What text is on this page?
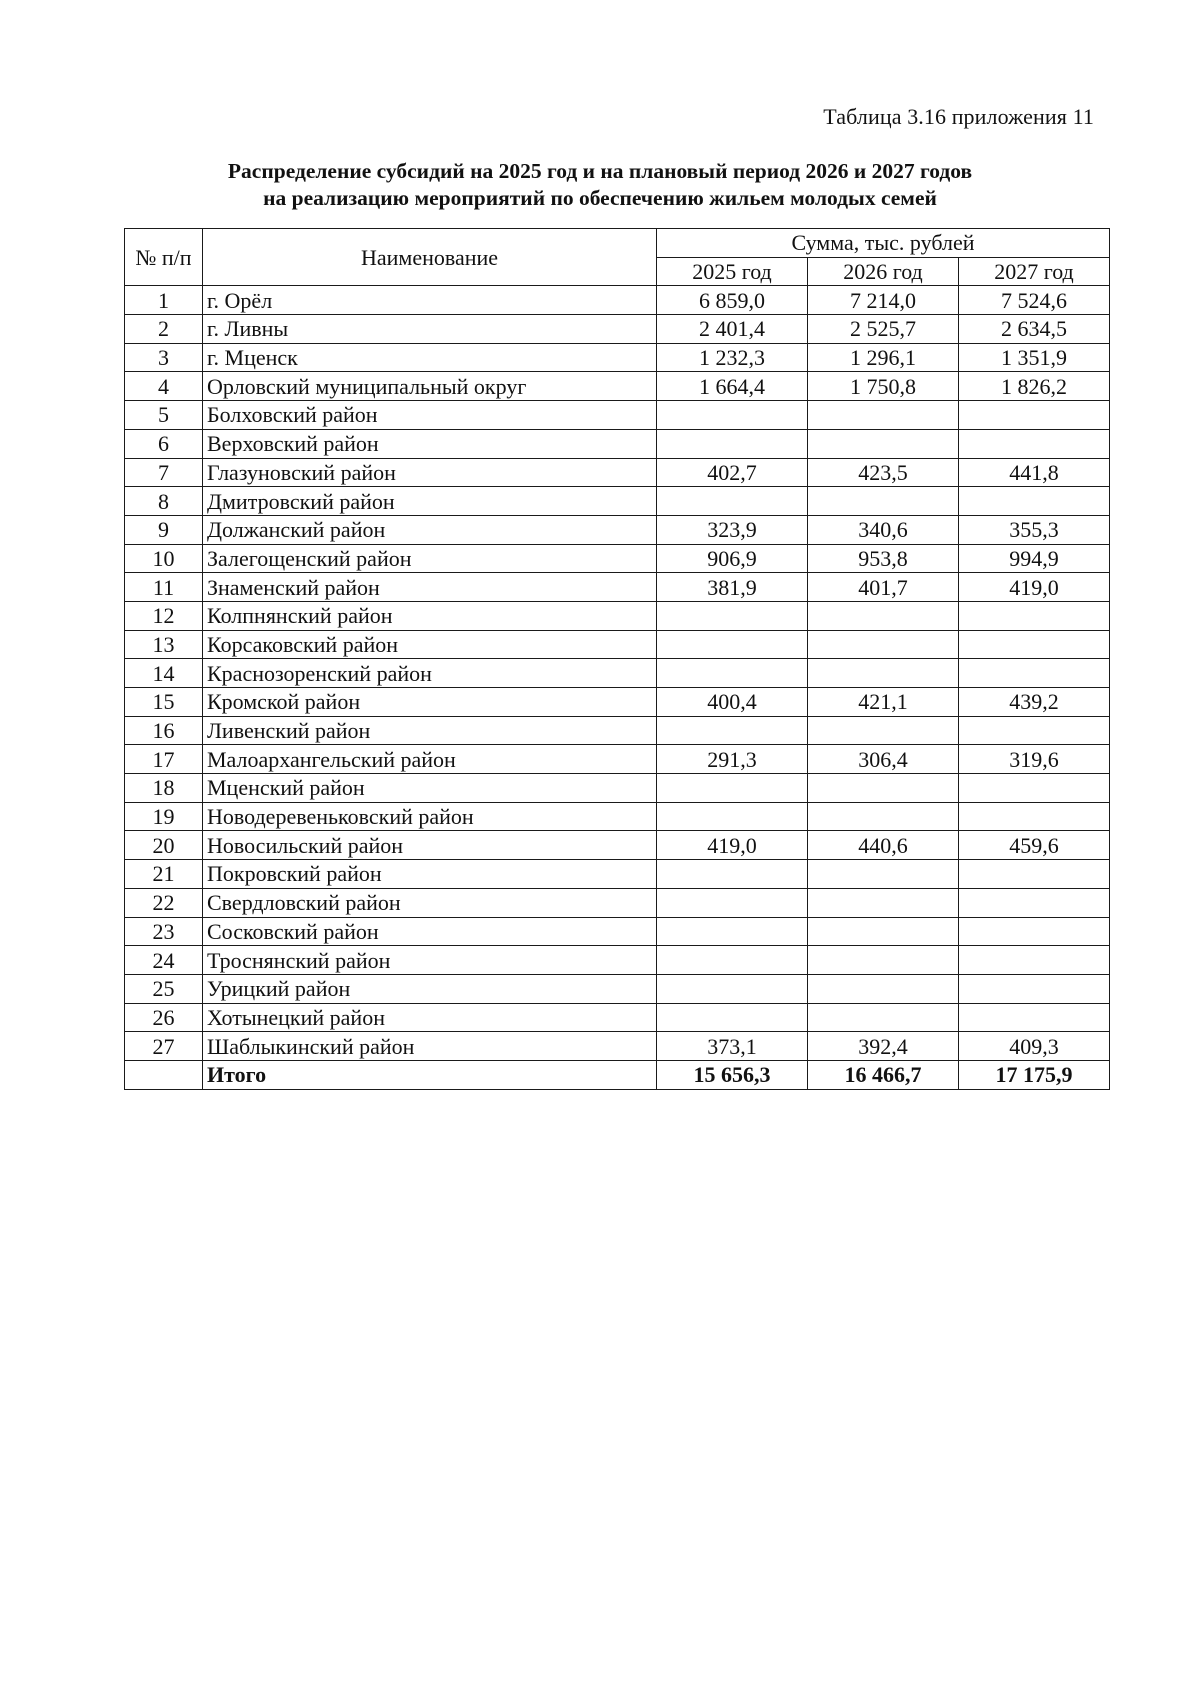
Таблица 3.16 приложения 11
Распределение субсидий на 2025 год и на плановый период 2026 и 2027 годов
на реализацию мероприятий по обеспечению жильем молодых семей
№ п/п	Наименование	Сумма, тыс. рублей		
		2025 год	2026 год	2027 год
1	г. Орёл	6 859,0	7 214,0	7 524,6
2	г. Ливны	2 401,4	2 525,7	2 634,5
3	г. Мценск	1 232,3	1 296,1	1 351,9
4	Орловский муниципальный округ	1 664,4	1 750,8	1 826,2
5	Болховский район			
6	Верховский район			
7	Глазуновский район	402,7	423,5	441,8
8	Дмитровский район			
9	Должанский район	323,9	340,6	355,3
10	Залегощенский район	906,9	953,8	994,9
11	Знаменский район	381,9	401,7	419,0
12	Колпнянский район			
13	Корсаковский район			
14	Краснозоренский район			
15	Кромской район	400,4	421,1	439,2
16	Ливенский район			
17	Малоархангельский район	291,3	306,4	319,6
18	Мценский район			
19	Новодеревеньковский район			
20	Новосильский район	419,0	440,6	459,6
21	Покровский район			
22	Свердловский район			
23	Сосковский район			
24	Троснянский район			
25	Урицкий район			
26	Хотынецкий район			
27	Шаблыкинский район	373,1	392,4	409,3
	Итого	15 656,3	16 466,7	17 175,9
